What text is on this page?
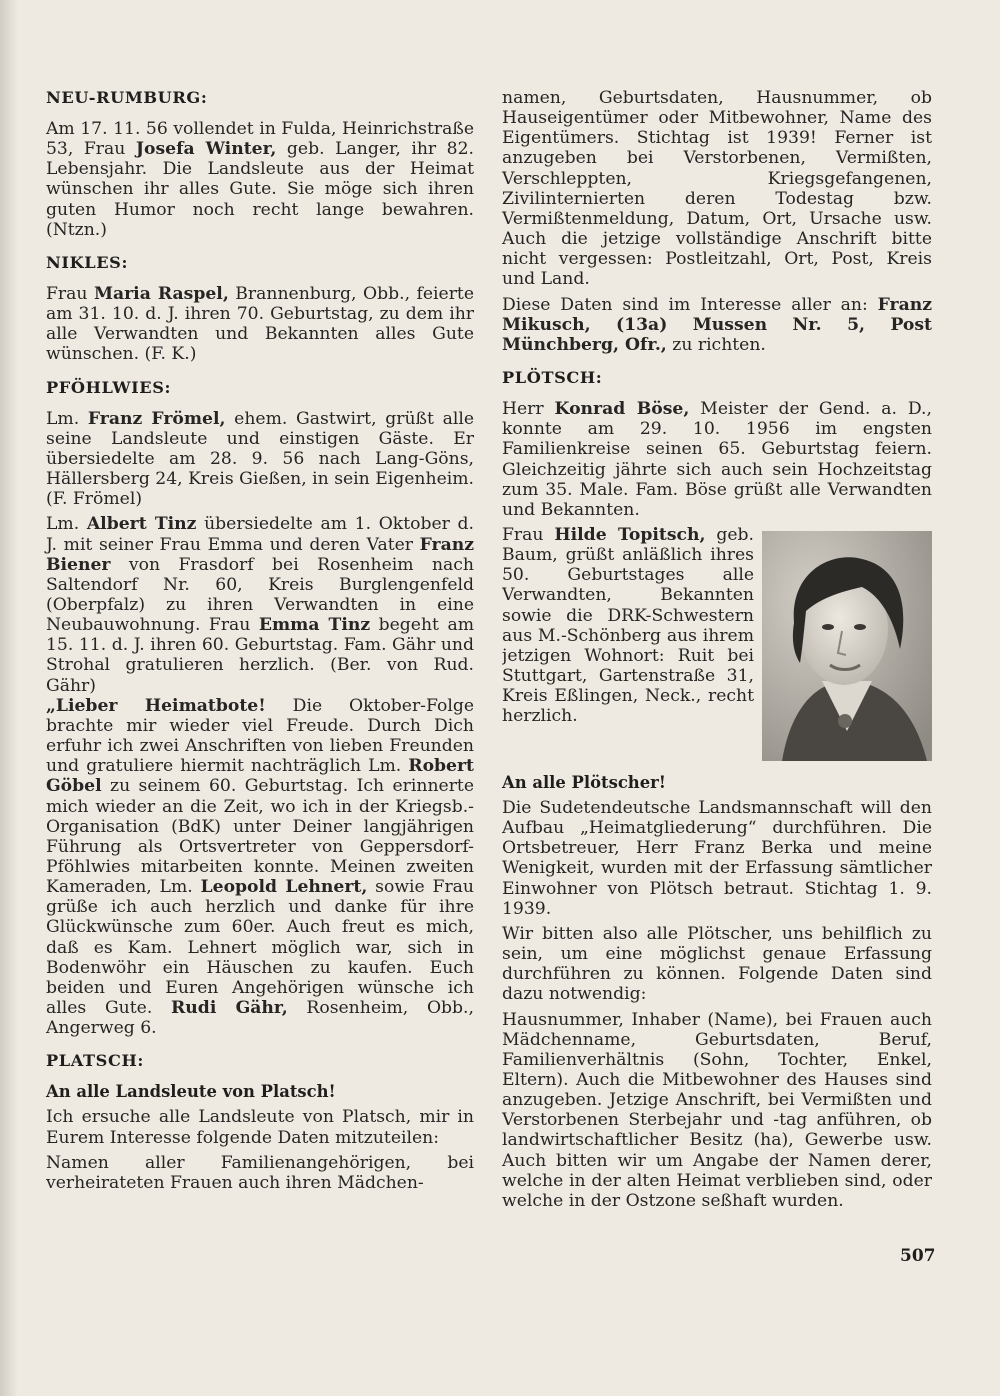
NEU-RUMBURG:

Am 17. 11. 56 vollendet in Fulda, Heinrichstraße 53, Frau Josefa Winter, geb. Langer, ihr 82. Lebensjahr. Die Landsleute aus der Heimat wünschen ihr alles Gute. Sie möge sich ihren guten Humor noch recht lange bewahren. (Ntzn.)

NIKLES:

Frau Maria Raspel, Brannenburg, Obb., feierte am 31. 10. d. J. ihren 70. Geburtstag, zu dem ihr alle Verwandten und Bekannten alles Gute wünschen. (F. K.)

PFÖHLWIES:

Lm. Franz Frömel, ehem. Gastwirt, grüßt alle seine Landsleute und einstigen Gäste. Er übersiedelte am 28. 9. 56 nach Lang-Göns, Hällersberg 24, Kreis Gießen, in sein Eigenheim. (F. Frömel)

Lm. Albert Tinz übersiedelte am 1. Oktober d. J. mit seiner Frau Emma und deren Vater Franz Biener von Frasdorf bei Rosenheim nach Saltendorf Nr. 60, Kreis Burglengenfeld (Oberpfalz) zu ihren Verwandten in eine Neubauwohnung. Frau Emma Tinz begeht am 15. 11. d. J. ihren 60. Geburtstag. Fam. Gähr und Strohal gratulieren herzlich. (Ber. von Rud. Gähr)

„Lieber Heimatbote! Die Oktober-Folge brachte mir wieder viel Freude. Durch Dich erfuhr ich zwei Anschriften von lieben Freunden und gratuliere hiermit nachträglich Lm. Robert Göbel zu seinem 60. Geburtstag. Ich erinnerte mich wieder an die Zeit, wo ich in der Kriegsb.-Organisation (BdK) unter Deiner langjährigen Führung als Ortsvertreter von Geppersdorf-Pföhlwies mitarbeiten konnte. Meinen zweiten Kameraden, Lm. Leopold Lehnert, sowie Frau grüße ich auch herzlich und danke für ihre Glückwünsche zum 60er. Auch freut es mich, daß es Kam. Lehnert möglich war, sich in Bodenwöhr ein Häuschen zu kaufen. Euch beiden und Euren Angehörigen wünsche ich alles Gute. Rudi Gähr, Rosenheim, Obb., Angerweg 6.

PLATSCH:
An alle Landsleute von Platsch!

Ich ersuche alle Landsleute von Platsch, mir in Eurem Interesse folgende Daten mitzuteilen:

Namen aller Familienangehörigen, bei verheirateten Frauen auch ihren Mädchen-

namen, Geburtsdaten, Hausnummer, ob Hauseigentümer oder Mitbewohner, Name des Eigentümers. Stichtag ist 1939! Ferner ist anzugeben bei Verstorbenen, Vermißten, Verschleppten, Kriegsgefangenen, Zivilinternierten deren Todestag bzw. Vermißtenmeldung, Datum, Ort, Ursache usw. Auch die jetzige vollständige Anschrift bitte nicht vergessen: Postleitzahl, Ort, Post, Kreis und Land.

Diese Daten sind im Interesse aller an: Franz Mikusch, (13a) Mussen Nr. 5, Post Münchberg, Ofr., zu richten.

PLÖTSCH:

Herr Konrad Böse, Meister der Gend. a. D., konnte am 29. 10. 1956 im engsten Familienkreise seinen 65. Geburtstag feiern. Gleichzeitig jährte sich auch sein Hochzeitstag zum 35. Male. Fam. Böse grüßt alle Verwandten und Bekannten.

Frau Hilde Topitsch, geb. Baum, grüßt anläßlich ihres 50. Geburtstages alle Verwandten, Bekannten sowie die DRK-Schwestern aus M.-Schönberg aus ihrem jetzigen Wohnort: Ruit bei Stuttgart, Gartenstraße 31, Kreis Eßlingen, Neck., recht herzlich.

An alle Plötscher!

Die Sudetendeutsche Landsmannschaft will den Aufbau „Heimatgliederung“ durchführen. Die Ortsbetreuer, Herr Franz Berka und meine Wenigkeit, wurden mit der Erfassung sämtlicher Einwohner von Plötsch betraut. Stichtag 1. 9. 1939.

Wir bitten also alle Plötscher, uns behilflich zu sein, um eine möglichst genaue Erfassung durchführen zu können. Folgende Daten sind dazu notwendig:

Hausnummer, Inhaber (Name), bei Frauen auch Mädchenname, Geburtsdaten, Beruf, Familienverhältnis (Sohn, Tochter, Enkel, Eltern). Auch die Mitbewohner des Hauses sind anzugeben. Jetzige Anschrift, bei Vermißten und Verstorbenen Sterbejahr und -tag anführen, ob landwirtschaftlicher Besitz (ha), Gewerbe usw. Auch bitten wir um Angabe der Namen derer, welche in der alten Heimat verblieben sind, oder welche in der Ostzone seßhaft wurden.

507
